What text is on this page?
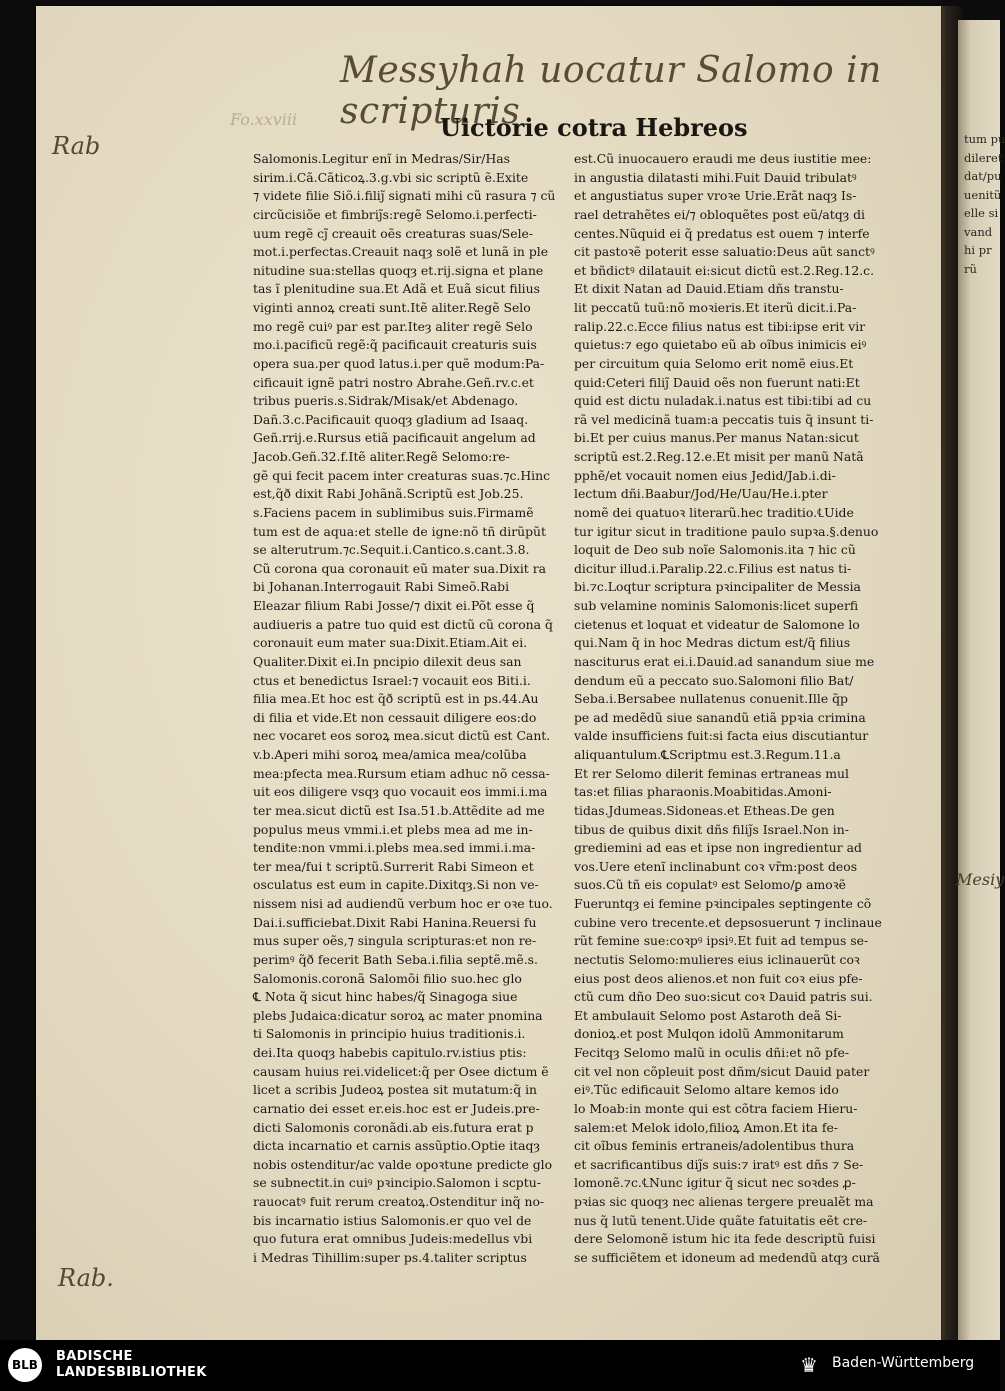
tum pu
dileret
dat/pu
uenitũ
elle si
vand
hi pr
rũ
Messyhah uocatur Salomo in scripturis
Fo.xxviii	Uictorie cotra Hebreos
Rab
Rab.
Mesiy
Salomonis.Legitur enĩ in Medras/Sir/Has
sirim.i.Cã.Cãticoꝝ.3.g.vbi sic scriptũ ẽ.Exite
⁊ videte filie Siõ.i.filiȷ̃ signati mihi cũ rasura ⁊ cũ
circũcisiõe et fimbriȷ̃s:regẽ Selomo.i.perfecti-
uum regẽ cȷ̃ creauit oẽs creaturas suas/Sele-
mot.i.perfectas.Creauit naqȝ solẽ et lunã in ple
nitudine sua:stellas quoqȝ et.rij.signa et plane
tas ĩ plenitudine sua.Et Adã et Euã sicut filius
viginti annoꝝ creati sunt.Itẽ aliter.Regẽ Selo
mo regẽ cuiꝰ par est par.Iteȝ aliter regẽ Selo
mo.i.pacificũ regẽ:q̃ pacificauit creaturis suis
opera sua.per quod latus.i.per quẽ modum:Pa-
cificauit ignẽ patri nostro Abrahe.Geñ.rv.c.et
tribus pueris.s.Sidrak/Misak/et Abdenago.
Dañ.3.c.Pacificauit quoqȝ gladium ad Isaaq.
Geñ.rrij.e.Rursus etiã pacificauit angelum ad
Jacob.Geñ.32.f.Itẽ aliter.Regẽ Selomo:re-
gẽ qui fecit pacem inter creaturas suas.⁊c.Hinc
est,q̃ð dixit Rabi Johãnã.Scriptũ est Job.25.
s.Faciens pacem in sublimibus suis.Firmamẽ
tum est de aqua:et stelle de igne:nõ tñ dirũpũt
se alterutrum.⁊c.Sequit.i.Cantico.s.cant.3.8.
Cũ corona qua coronauit eũ mater sua.Dixit ra
bi Johanan.Interrogauit Rabi Simeõ.Rabi
Eleazar filium Rabi Josse/⁊ dixit ei.Põt esse q̃
audiueris a patre tuo quid est dictũ cũ corona q̃
coronauit eum mater sua:Dixit.Etiam.Ait ei.
Qualiter.Dixit ei.In pncipio dilexit deus san
ctus et benedictus Israel:⁊ vocauit eos Biti.i.
filia mea.Et hoc est q̃ð scriptũ est in ps.44.Au
di filia et vide.Et non cessauit diligere eos:do
nec vocaret eos soroꝝ mea.sicut dictũ est Cant.
v.b.Aperi mihi soroꝝ mea/amica mea/colũba
mea:pfecta mea.Rursum etiam adhuc nõ cessa-
uit eos diligere vsqȝ quo vocauit eos immi.i.ma
ter mea.sicut dictũ est Isa.51.b.Attẽdite ad me
populus meus vmmi.i.et plebs mea ad me in-
tendite:non vmmi.i.plebs mea.sed immi.i.ma-
ter mea/fui t scriptũ.Surrerit Rabi Simeon et
osculatus est eum in capite.Dixitqȝ.Si non ve-
nissem nisi ad audiendũ verbum hoc er oꝛe tuo.
Dai.i.sufficiebat.Dixit Rabi Hanina.Reuersi fu
mus super oẽs,⁊ singula scripturas:et non re-
perimꝰ q̃ð fecerit Bath Seba.i.filia septẽ.mẽ.s.
Salomonis.coronã Salomõi filio suo.hec glo
℄ Nota q̃ sicut hinc habes/q̃ Sinagoga siue
plebs Judaica:dicatur soroꝝ ac mater pnomina
ti Salomonis in principio huius traditionis.i.
dei.Ita quoqȝ habebis capitulo.rv.istius ptis:
causam huius rei.videlicet:q̃ per Osee dictum ẽ
licet a scribis Judeoꝝ postea sit mutatum:q̃ in
carnatio dei esset er.eis.hoc est er Judeis.pre-
dicti Salomonis coronãdi.ab eis.futura erat p
dicta incarnatio et carnis assũptio.Optie itaqȝ
nobis ostenditur/ac valde opoꝛtune predicte glo
se subnectit.in cuiꝰ pꝛincipio.Salomon i scptu-
rauocatꝰ fuit rerum creatoꝝ.Ostenditur inq̃ no-
bis incarnatio istius Salomonis.er quo vel de
quo futura erat omnibus Judeis:medellus vbi
i Medras Tihillim:super ps.4.taliter scriptus
est.Cũ inuocauero eraudi me deus iustitie mee:
in angustia dilatasti mihi.Fuit Dauid tribulatꝰ
et angustiatus super vroꝛe Urie.Erãt naqȝ Is-
rael detrahẽtes ei/⁊ obloquẽtes post eũ/atqȝ di
centes.Nũquid ei q̃ predatus est ouem ⁊ interfe
cit pastoꝛẽ poterit esse saluatio:Deus aũt sanctꝰ
et bñdictꝰ dilatauit ei:sicut dictũ est.2.Reg.12.c.
Et dixit Natan ad Dauid.Etiam dñs transtu-
lit peccatũ tuũ:nõ moꝛieris.Et iterũ dicit.i.Pa-
ralip.22.c.Ecce filius natus est tibi:ipse erit vir
quietus:⁊ ego quietabo eũ ab oĩbus inimicis eiꝰ
per circuitum quia Selomo erit nomẽ eius.Et
quid:Ceteri filiȷ̃ Dauid oẽs non fuerunt nati:Et
quid est dictu nuladak.i.natus est tibi:tibi ad cu
rã vel medicinã tuam:a peccatis tuis q̃ insunt ti-
bi.Et per cuius manus.Per manus Natan:sicut
scriptũ est.2.Reg.12.e.Et misit per manũ Natã
pphẽ/et vocauit nomen eius Jedid/Jab.i.di-
lectum dñi.Baabur/Jod/He/Uau/He.i.pter
nomẽ dei quatuoꝛ literarũ.hec traditio.℄Uide
tur igitur sicut in traditione paulo supꝛa.§.denuo
loquit de Deo sub noĩe Salomonis.ita ⁊ hic cũ
dicitur illud.i.Paralip.22.c.Filius est natus ti-
bi.⁊c.Loqtur scriptura pꝛincipaliter de Messia
sub velamine nominis Salomonis:licet superfi
cietenus et loquat et videatur de Salomone lo
qui.Nam q̃ in hoc Medras dictum est/q̃ filius
nasciturus erat ei.i.Dauid.ad sanandum siue me
dendum eũ a peccato suo.Salomoni filio Bat/
Seba.i.Bersabee nullatenus conuenit.Ille q̃p
pe ad medẽdũ siue sanandũ etiã ppꝛia crimina
valde insufficiens fuit:si facta eius discutiantur
aliquantulum.℄Scriptmu est.3.Regum.11.a
Et rer Selomo dilerit feminas ertraneas mul
tas:et filias pharaonis.Moabitidas.Amoni-
tidas.Jdumeas.Sidoneas.et Etheas.De gen
tibus de quibus dixit dñs filiȷ̃s Israel.Non in-
grediemini ad eas et ipse non ingredientur ad
vos.Uere etenĩ inclinabunt coꝛ vr̃m:post deos
suos.Cũ tñ eis copulatꝰ est Selomo/ꝑ amoꝛẽ
Fueruntqȝ ei femine pꝛincipales septingente cõ
cubine vero trecente.et depsosuerunt ⁊ inclinaue
rũt femine sue:coꝛpꝰ ipsiꝰ.Et fuit ad tempus se-
nectutis Selomo:mulieres eius iclinauerũt coꝛ
eius post deos alienos.et non fuit coꝛ eius pfe-
ctũ cum dño Deo suo:sicut coꝛ Dauid patris sui.
Et ambulauit Selomo post Astaroth deã Si-
donioꝝ.et post Mulqon idolũ Ammonitarum
Fecitqȝ Selomo malũ in oculis dñi:et nõ pfe-
cit vel non cõpleuit post dñm/sicut Dauid pater
eiꝰ.Tũc edificauit Selomo altare kemos ido
lo Moab:in monte qui est cõtra faciem Hieru-
salem:et Melok idolo,filioꝝ Amon.Et ita fe-
cit oĩbus feminis ertraneis/adolentibus thura
et sacrificantibus diȷ̃s suis:⁊ iratꝰ est dñs ⁊ Se-
lomonẽ.⁊c.℄Nunc igitur q̃ sicut nec soꝛdes ꝓ-
pꝛias sic quoqȝ nec alienas tergere preualẽt ma
nus q̃ lutũ tenent.Uide quãte fatuitatis eẽt cre-
dere Selomonẽ istum hic ita fede descriptũ fuisi
se sufficiẽtem et idoneum ad medendũ atqȝ curã
BLB
BADISCHE
LANDESBIBLIOTHEK	♛	Baden-Württemberg
